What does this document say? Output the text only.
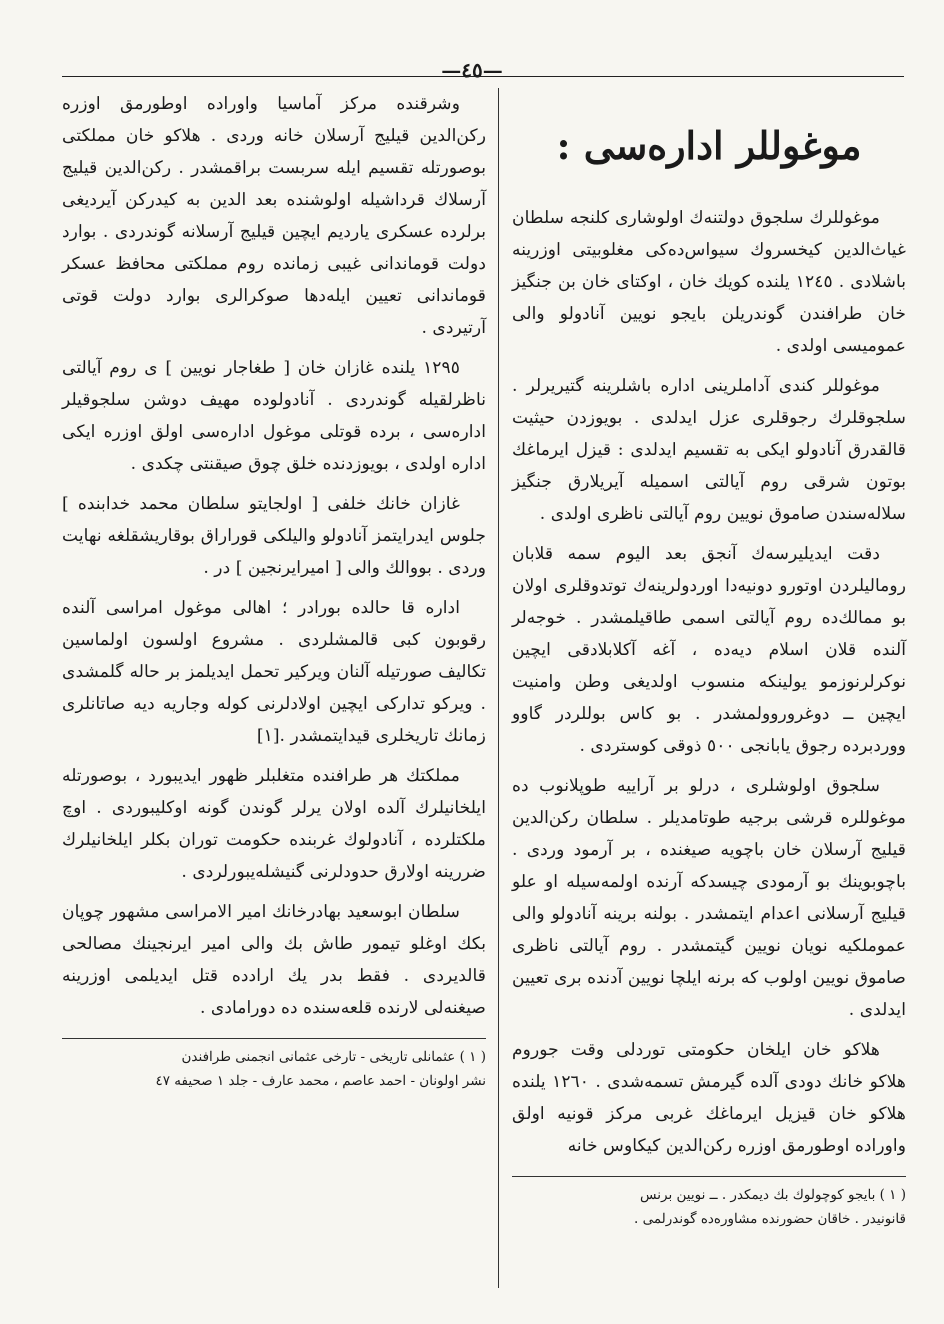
—٤٥—
موغوللر اداره‌سی :

موغوللرك سلجوق دولتنه‌ك اولوشارى كلنجه سلطان غياث‌الدين كيخسروك سيواس‌ده‌كى مغلوبيتى اوزرينه باشلادى . ١٢٤٥ يلنده كويك خان ، اوكتاى خان بن جنگيز خان طرافندن گوندريلن بايجو نويين آنادولو والى عمومیسى اولدى .

موغوللر كندى آداملرينى اداره باشلرينه گتيريرلر . سلجوقلرك رجوقلرى عزل ايدلدى . بويوزدن حيثيت قالقدرق آنادولو ايكى به تقسيم ايدلدى : قيزل ايرماغك بوتون شرقى روم آيالتى اسميله آيريلارق جنگيز سلاله‌سندن صاموق نويين روم آيالتى ناظرى اولدى .

دقت ايديليرسه‌ك آنجق بعد اليوم سمه قلابان روماليلردن اوتورو دونيه‌دا اوردولرينه‌ك توتدوقلرى اولان بو ممالك‌ده روم آيالتى اسمى طاقيلمشدر . خوجه‌لر آلنده قلان اسلام ديه‌ده ، آغه آكلابلادقى ايچين نوكرلرنوزمو يولينكه منسوب اولديغى وطن وامنيت ايچين ــ دوغروروولمشدر . بو كاس بوللردر گاوو ووردبرده رجوق يابانجى ٥٠٠ ذوقى كوستردى .

سلجوق اولوشلرى ، درلو بر آراييه طوپلانوب ده موغوللره قرشى برجيه طوتامديلر . سلطان ركن‌الدين قيليج آرسلان خان باچويه صيغنده ، بر آرمود وردى . باچوبوينك بو آرمودى چيسدكه آرنده اولمه‌سيله او علو قيليج آرسلانى اعدام ايتمشدر . بولنه برينه آنادولو والى عموملكيه نويان نويين گيتمشدر . روم آيالتى ناظرى صاموق نويين اولوب كه برنه ايلچا نويين آدنده برى تعيين ايدلدى .

هلاكو خان ايلخان حكومتى توردلى وقت جوروم هلاكو خانك دودى آلده گيرمش تسمه‌شدى . ١٢٦٠ يلنده هلاكو خان قيزيل ايرماغك غربى مركز قونيه اولق واوراده اوطورمق اوزره ركن‌الدين كيكاوس خانه

( ١ ) بايجو كوچولوك بك ديمكدر . ــ نويين برنس

قانونيدر . خاقان حضورنده مشاوره‌ده گوندرلمى .

وشرقنده مركز آماسيا واوراده اوطورمق اوزره ركن‌الدين قيليج آرسلان خانه وردى . هلاكو خان مملكتى بوصورتله تقسيم ايله سربست براقمشدر . ركن‌الدين قيليج آرسلاك قرداشيله اولوشنده بعد الدين به كيدركن آيرديغى برلرده عسكرى يارديم ايچين قيليج آرسلانه گوندردى . بوارد دولت قوماندانى غيبى زمانده روم مملكتى محافظ عسكر قوماندانى تعيين ايله‌دها صوكرالرى بوارد دولت قوتى آرتيردى .

١٢٩٥ يلنده غازان خان [ طغاجار نويين ] ى روم آيالتى ناظرلقيله گوندردى . آنادولوده مهيف دوشن سلجوقيلر اداره‌سى ، برده قوتلى موغول اداره‌سى اولق اوزره ايكى اداره اولدى ، بويوزدنده خلق چوق صيقنتى چكدى .

غازان خانك خلفى [ اولجايتو سلطان محمد خدابنده ] جلوس ايدرايتمز آنادولو واليلكى قوراراق بوقاريشقلغه نهايت وردى . بووالك والى [ اميرايرنجين ] در .

اداره قا حالده بورادر ؛ اهالى موغول امراسى آلنده رقوبون كبى قالمشلردى . مشروع اولسون اولماسين تكاليف صورتيله آلنان ويركير تحمل ايديلمز بر حاله گلمشدى . ويركو تداركى ايچين اولادلرنى كوله وجاريه ديه صاتانلرى زمانك تاريخلرى قيدايتمشدر .[١]

مملكتك هر طرافنده متغلبلر ظهور ايديبورد ، بوصورتله ايلخانيلرك آلده اولان يرلر گوندن گونه اوكليبوردى . اوچ ملكتلرده ، آنادولوك غربنده حكومت توران بكلر ايلخانيلرك ضررينه اولارق حدودلرنى گنيشله‌يبورلردى .

سلطان ابوسعيد بهادرخانك امير الامراسى مشهور چوپان بكك اوغلو تيمور طاش بك والى امير ايرنجينك مصالحى قالديردى . فقط بدر يك ارادده قتل ايديلمى اوزرينه صيغنه‌لى لارنده قلعه‌سنده ده دورامادى .

( ١ ) عثمانلى تاريخى - تارخى عثمانى انجمنى طرافندن

نشر اولونان - احمد عاصم ، محمد عارف - جلد ١ صحيفه ٤٧
